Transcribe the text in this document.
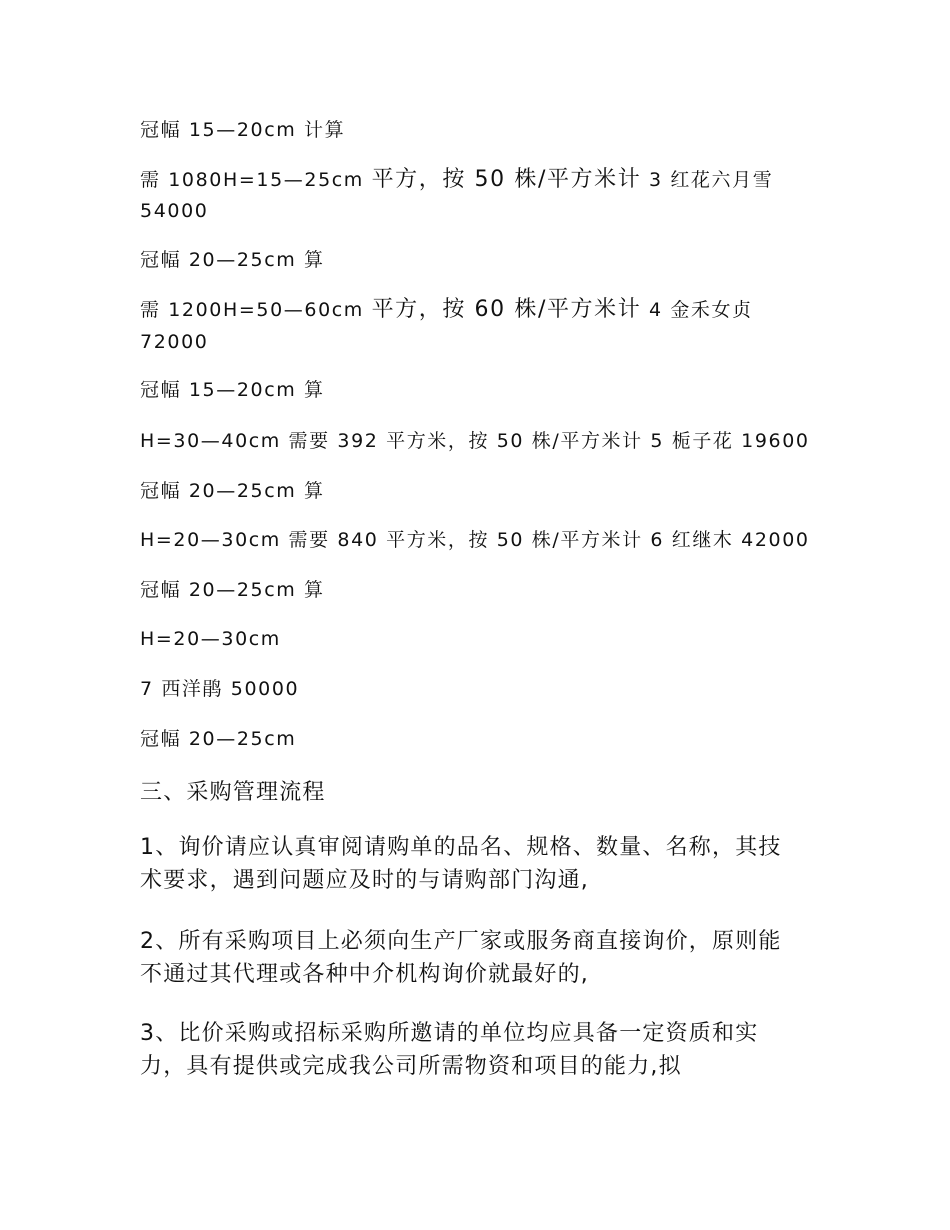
冠幅 15—20cm 计算
需 1080H=15—25cm 平方，按 50 株/平方米计 3 红花六月雪
54000
冠幅 20—25cm 算
需 1200H=50—60cm 平方，按 60 株/平方米计 4 金禾女贞
72000
冠幅 15—20cm 算
H=30—40cm 需要 392 平方米，按 50 株/平方米计 5 栀子花 19600
冠幅 20—25cm 算
H=20—30cm 需要 840 平方米，按 50 株/平方米计 6 红继木 42000
冠幅 20—25cm 算
H=20—30cm
7 西洋鹃 50000
冠幅 20—25cm
三、采购管理流程
1、询价请应认真审阅请购单的品名、规格、数量、名称，其技术要求，遇到问题应及时的与请购部门沟通,
2、所有采购项目上必须向生产厂家或服务商直接询价，原则能不通过其代理或各种中介机构询价就最好的,
3、比价采购或招标采购所邀请的单位均应具备一定资质和实力，具有提供或完成我公司所需物资和项目的能力,拟
